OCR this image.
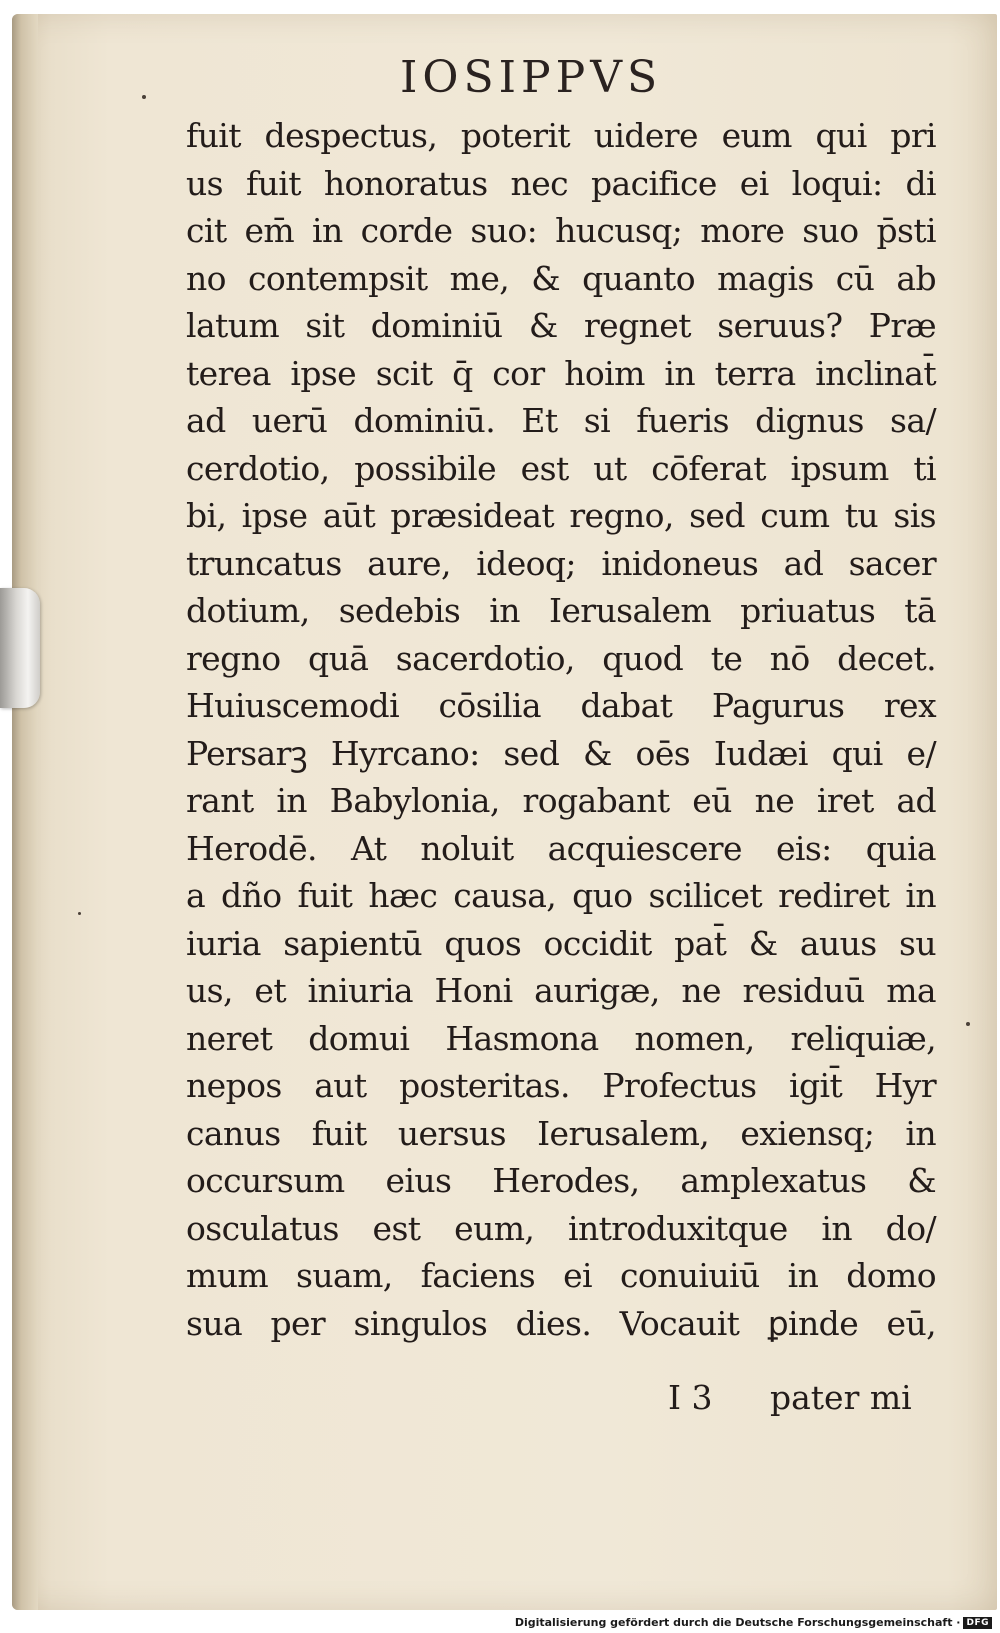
IOSIPPVS
fuit despectus, poterit uidere eum qui pri
us fuit honoratus nec pacifice ei loqui: di
cit em̄ in corde suo: hucusq; more suo p̄sti
no contempsit me, & quanto magis cū ab
latum sit dominiū & regnet seruus? Præ
terea ipse scit q̄ cor hoim in terra inclinat̄
ad uerū dominiū. Et si fueris dignus sa/
cerdotio, possibile est ut cōferat ipsum ti
bi, ipse aūt præsideat regno, sed cum tu sis
truncatus aure, ideoq; inidoneus ad sacer
dotium, sedebis in Ierusalem priuatus tā
regno quā sacerdotio, quod te nō decet.
Huiuscemodi cōsilia dabat Pagurus rex
Persarꝫ Hyrcano: sed & oēs Iudæi qui e/
rant in Babylonia, rogabant eū ne iret ad
Herodē. At noluit acquiescere eis: quia
a dño fuit hæc causa, quo scilicet rediret in
iuria sapientū quos occidit pat̄ & auus su
us, et iniuria Honi aurigæ, ne residuū ma
neret domui Hasmona nomen, reliquiæ,
nepos aut posteritas. Profectus igit̄ Hyr
canus fuit uersus Ierusalem, exiensq; in
occursum eius Herodes, amplexatus &
osculatus est eum, introduxitque in do/
mum suam, faciens ei conuiuiū in domo
sua per singulos dies. Vocauit ꝑinde eū,
I 3 pater mi
Digitalisierung gefördert durch die Deutsche Forschungsgemeinschaft · DFG
